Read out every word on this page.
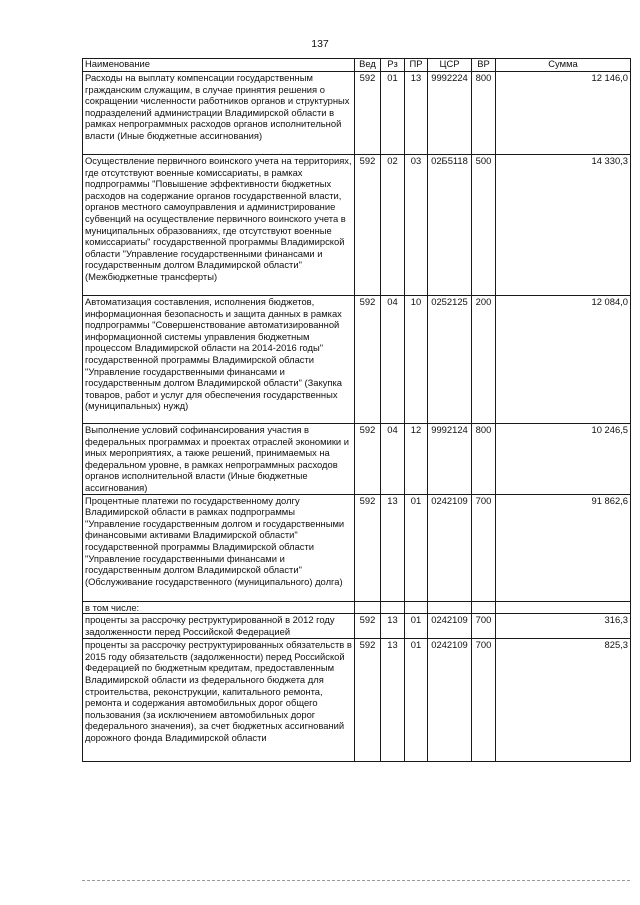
137
Наименование	Вед	Рз	ПР	ЦСР	ВР	Сумма
Расходы на выплату компенсации государственным гражданским служащим, в случае принятия решения о сокращении численности работников органов и структурных подразделений администрации Владимирской области в рамках непрограммных расходов органов исполнительной власти (Иные бюджетные ассигнования)	592	01	13	9992224	800	12 146,0
Осуществление первичного воинского учета на территориях, где отсутствуют военные комиссариаты, в рамках подпрограммы "Повышение эффективности бюджетных расходов на содержание органов государственной власти, органов местного самоуправления и администрирование субвенций на осуществление первичного воинского учета в муниципальных образованиях, где отсутствуют военные комиссариаты" государственной программы Владимирской области "Управление государственными финансами и государственным долгом Владимирской области" (Межбюджетные трансферты)	592	02	03	02Б5118	500	14 330,3
Автоматизация составления, исполнения бюджетов, информационная безопасность и защита данных в рамках подпрограммы "Совершенствование автоматизированной информационной системы управления бюджетным процессом Владимирской области на 2014-2016 годы" государственной программы Владимирской области "Управление государственными финансами и государственным долгом Владимирской области" (Закупка товаров, работ и услуг для обеспечения государственных (муниципальных) нужд)	592	04	10	0252125	200	12 084,0
Выполнение условий софинансирования участия в федеральных программах и проектах отраслей экономики и иных мероприятиях, а также решений, принимаемых на федеральном уровне, в рамках непрограммных расходов органов исполнительной власти (Иные бюджетные ассигнования)	592	04	12	9992124	800	10 246,5
Процентные платежи по государственному долгу Владимирской области в рамках подпрограммы "Управление государственным долгом и государственными финансовыми активами Владимирской области" государственной программы Владимирской области "Управление государственными финансами и государственным долгом Владимирской области" (Обслуживание государственного (муниципального) долга)	592	13	01	0242109	700	91 862,6
в том числе:						
проценты за рассрочку реструктурированной в 2012 году задолженности перед Российской Федерацией	592	13	01	0242109	700	316,3
проценты за рассрочку реструктурированных обязательств в 2015 году обязательств (задолженности) перед Российской Федерацией по бюджетным кредитам, предоставленным Владимирской области из федерального бюджета для строительства, реконструкции, капитального ремонта, ремонта и содержания автомобильных дорог общего пользования (за исключением автомобильных дорог федерального значения), за счет бюджетных ассигнований дорожного фонда Владимирской области	592	13	01	0242109	700	825,3
